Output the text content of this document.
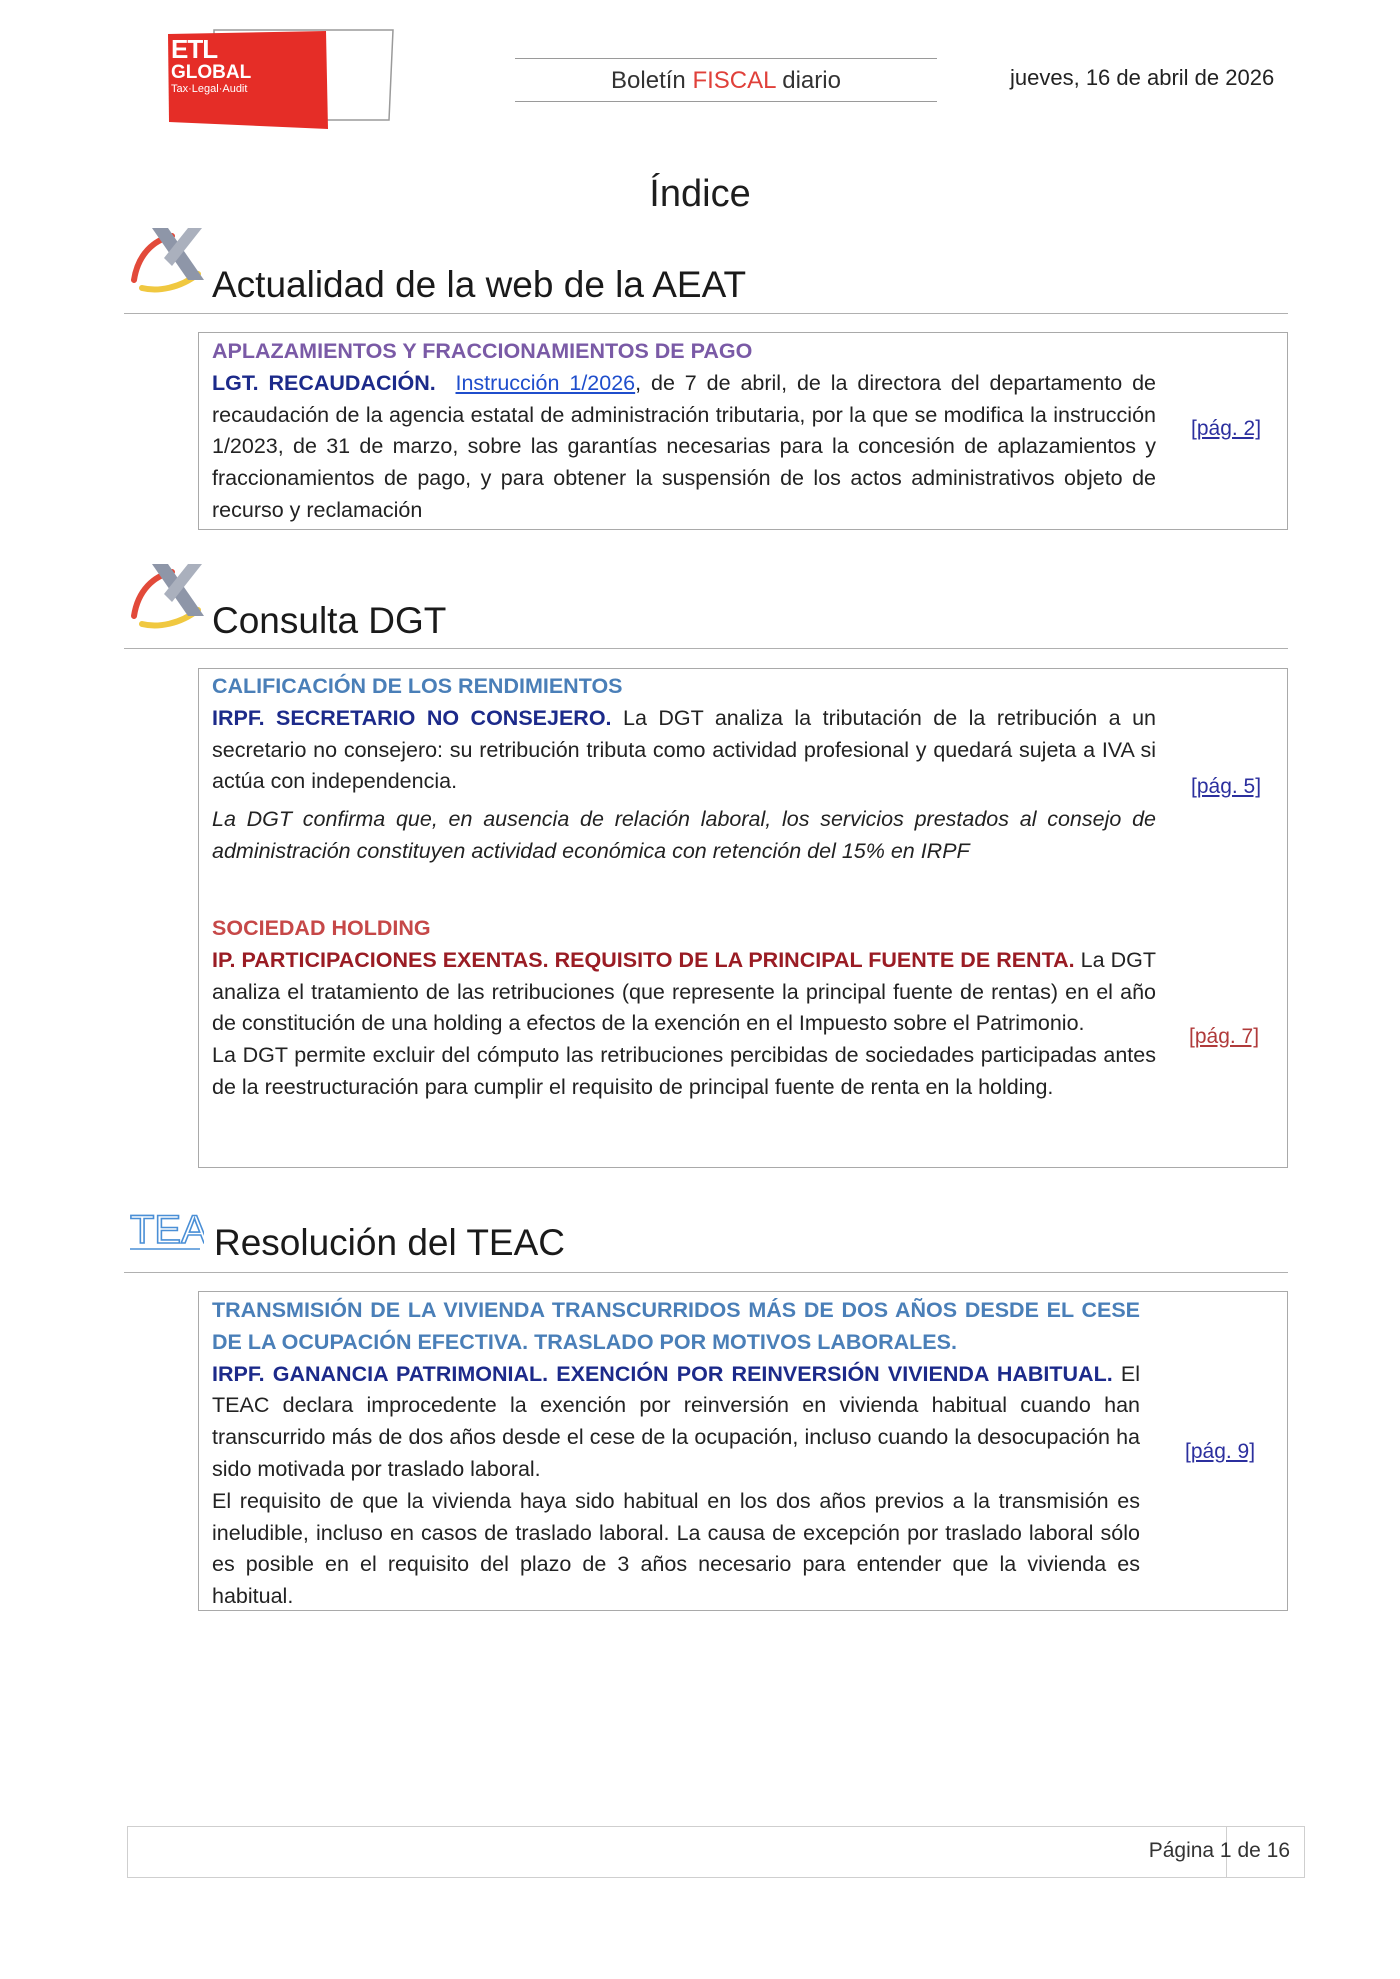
ETL
GLOBAL
Tax·Legal·Audit	Boletín FISCAL diario	jueves, 16 de abril de 2026
Índice
Actualidad de la web de la AEAT

APLAZAMIENTOS Y FRACCIONAMIENTOS DE PAGO

LGT. RECAUDACIÓN. Instrucción 1/2026, de 7 de abril, de la directora del departamento de recaudación de la agencia estatal de administración tributaria, por la que se modifica la instrucción 1/2023, de 31 de marzo, sobre las garantías necesarias para la concesión de aplazamientos y fraccionamientos de pago, y para obtener la suspensión de los actos administrativos objeto de recurso y reclamación

[pág. 2]
Consulta DGT

CALIFICACIÓN DE LOS RENDIMIENTOS

IRPF. SECRETARIO NO CONSEJERO. La DGT analiza la tributación de la retribución a un secretario no consejero: su retribución tributa como actividad profesional y quedará sujeta a IVA si actúa con independencia.

La DGT confirma que, en ausencia de relación laboral, los servicios prestados al consejo de administración constituyen actividad económica con retención del 15% en IRPF

[pág. 5]

SOCIEDAD HOLDING

IP. PARTICIPACIONES EXENTAS. REQUISITO DE LA PRINCIPAL FUENTE DE RENTA. La DGT analiza el tratamiento de las retribuciones (que represente la principal fuente de rentas) en el año de constitución de una holding a efectos de la exención en el Impuesto sobre el Patrimonio.

La DGT permite excluir del cómputo las retribuciones percibidas de sociedades participadas antes de la reestructuración para cumplir el requisito de principal fuente de renta en la holding.

[pág. 7]
TEA Resolución del TEAC

TRANSMISIÓN DE LA VIVIENDA TRANSCURRIDOS MÁS DE DOS AÑOS DESDE EL CESE DE LA OCUPACIÓN EFECTIVA. TRASLADO POR MOTIVOS LABORALES.

IRPF. GANANCIA PATRIMONIAL. EXENCIÓN POR REINVERSIÓN VIVIENDA HABITUAL. El TEAC declara improcedente la exención por reinversión en vivienda habitual cuando han transcurrido más de dos años desde el cese de la ocupación, incluso cuando la desocupación ha sido motivada por traslado laboral.

El requisito de que la vivienda haya sido habitual en los dos años previos a la transmisión es ineludible, incluso en casos de traslado laboral. La causa de excepción por traslado laboral sólo es posible en el requisito del plazo de 3 años necesario para entender que la vivienda es habitual.

[pág. 9]
Página 1 de 16
